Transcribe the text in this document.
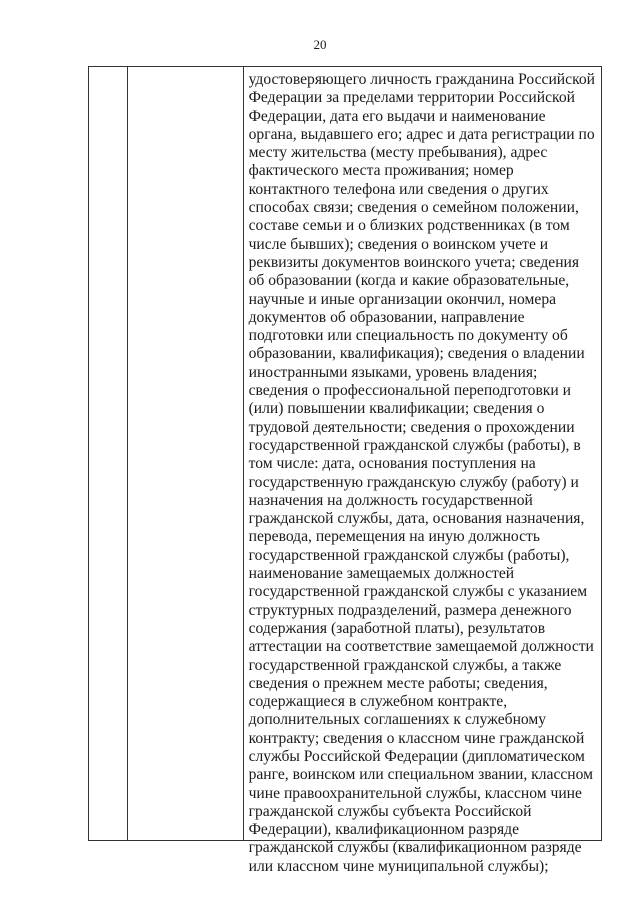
20
удостоверяющего личность гражданина Российской
Федерации за пределами территории Российской
Федерации, дата его выдачи и наименование
органа, выдавшего его; адрес и дата регистрации по
месту жительства (месту пребывания), адрес
фактического места проживания; номер
контактного телефона или сведения о других
способах связи; сведения о семейном положении,
составе семьи и о близких родственниках (в том
числе бывших); сведения о воинском учете и
реквизиты документов воинского учета; сведения
об образовании (когда и какие образовательные,
научные и иные организации окончил, номера
документов об образовании, направление
подготовки или специальность по документу об
образовании, квалификация); сведения о владении
иностранными языками, уровень владения;
сведения о профессиональной переподготовки и
(или) повышении квалификации; сведения о
трудовой деятельности; сведения о прохождении
государственной гражданской службы (работы), в
том числе: дата, основания поступления на
государственную гражданскую службу (работу) и
назначения на должность государственной
гражданской службы, дата, основания назначения,
перевода, перемещения на иную должность
государственной гражданской службы (работы),
наименование замещаемых должностей
государственной гражданской службы с указанием
структурных подразделений, размера денежного
содержания (заработной платы), результатов
аттестации на соответствие замещаемой должности
государственной гражданской службы, а также
сведения о прежнем месте работы; сведения,
содержащиеся в служебном контракте,
дополнительных соглашениях к служебному
контракту; сведения о классном чине гражданской
службы Российской Федерации (дипломатическом
ранге, воинском или специальном звании, классном
чине правоохранительной службы, классном чине
гражданской службы субъекта Российской
Федерации), квалификационном разряде
гражданской службы (квалификационном разряде
или классном чине муниципальной службы);
